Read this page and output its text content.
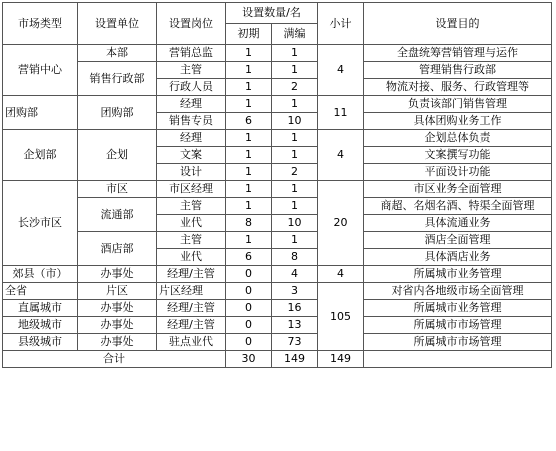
市场类型	设置单位	设置岗位	设置数量/名		小计	设置目的
			初期	满编		
营销中心	本部	营销总监	1	1	4	全盘统筹营销管理与运作
	销售行政部	主管	1	1		管理销售行政部
		行政人员	1	2		物流对接、服务、行政管理等
团购部	团购部	经理	1	1	11	负责该部门销售管理
		销售专员	6	10		具体团购业务工作
企划部	企划	经理	1	1	4	企划总体负责
		文案	1	1		文案撰写功能
		设计	1	2		平面设计功能
长沙市区	市区	市区经理	1	1	20	市区业务全面管理
	流通部	主管	1	1		商超、名烟名酒、特渠全面管理
		业代	8	10		具体流通业务
	酒店部	主管	1	1		酒店全面管理
		业代	6	8		具体酒店业务
郊县（市）	办事处	经理/主管	0	4	4	所属城市业务管理
全省	片区	片区经理	0	3	105	对省内各地级市场全面管理
直属城市	办事处	经理/主管	0	16		所属城市业务管理
地级城市	办事处	经理/主管	0	13		所属城市市场管理
县级城市	办事处	驻点业代	0	73		所属城市市场管理
合计			30	149	149	
